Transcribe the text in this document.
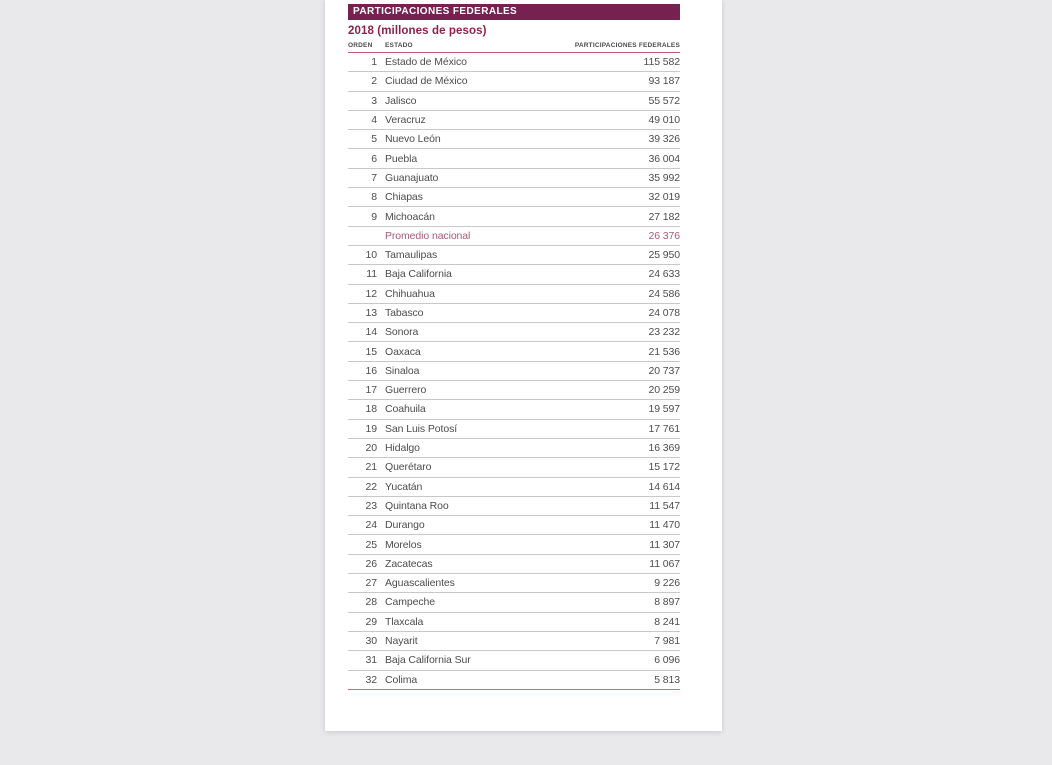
PARTICIPACIONES FEDERALES
2018 (millones de pesos)
ORDEN	ESTADO	PARTICIPACIONES FEDERALES
1	Estado de México	115 582
2	Ciudad de México	93 187
3	Jalisco	55 572
4	Veracruz	49 010
5	Nuevo León	39 326
6	Puebla	36 004
7	Guanajuato	35 992
8	Chiapas	32 019
9	Michoacán	27 182
	Promedio nacional	26 376
10	Tamaulipas	25 950
11	Baja California	24 633
12	Chihuahua	24 586
13	Tabasco	24 078
14	Sonora	23 232
15	Oaxaca	21 536
16	Sinaloa	20 737
17	Guerrero	20 259
18	Coahuila	19 597
19	San Luis Potosí	17 761
20	Hidalgo	16 369
21	Querétaro	15 172
22	Yucatán	14 614
23	Quintana Roo	11 547
24	Durango	11 470
25	Morelos	11 307
26	Zacatecas	11 067
27	Aguascalientes	9 226
28	Campeche	8 897
29	Tlaxcala	8 241
30	Nayarit	7 981
31	Baja California Sur	6 096
32	Colima	5 813
